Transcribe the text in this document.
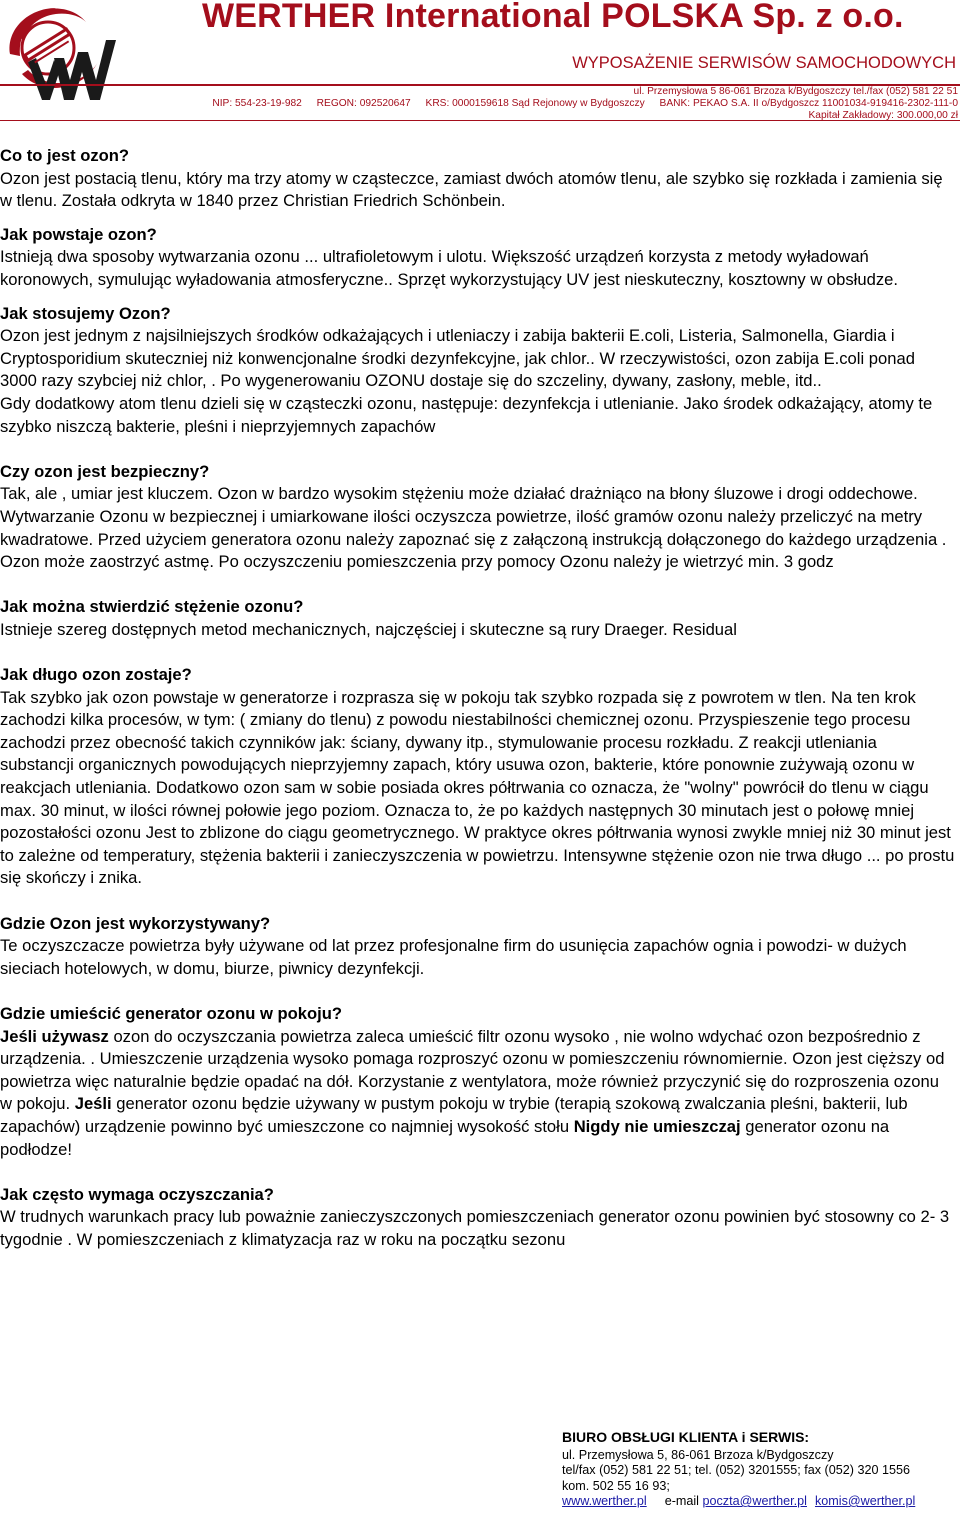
WERTHER International POLSKA Sp. z o.o.
WYPOSAŻENIE SERWISÓW SAMOCHODOWYCH
ul. Przemysłowa 5 86-061 Brzoza k/Bydgoszczy tel./fax (052) 581 22 51
NIP: 554-23-19-982 REGON: 092520647 KRS: 0000159618 Sąd Rejonowy w Bydgoszczy BANK: PEKAO S.A. II o/Bydgoszcz 11001034-919416-2302-111-0
Kapitał Zakładowy: 300.000,00 zł

Co to jest ozon?

Ozon jest postacią tlenu, który ma trzy atomy w cząsteczce, zamiast dwóch atomów tlenu, ale szybko się rozkłada i zamienia się w tlenu. Została odkryta w 1840 przez Christian Friedrich Schönbein.

Jak powstaje ozon?

Istnieją dwa sposoby wytwarzania ozonu ... ultrafioletowym i ulotu. Większość urządzeń korzysta z metody wyładowań koronowych, symulując wyładowania atmosferyczne.. Sprzęt wykorzystujący UV jest nieskuteczny, kosztowny w obsłudze.

Jak stosujemy Ozon?

Ozon jest jednym z najsilniejszych środków odkażających i utleniaczy i zabija bakterii E.coli, Listeria, Salmonella, Giardia i Cryptosporidium skuteczniej niż konwencjonalne środki dezynfekcyjne, jak chlor.. W rzeczywistości, ozon zabija E.coli ponad 3000 razy szybciej niż chlor, . Po wygenerowaniu OZONU dostaje się do szczeliny, dywany, zasłony, meble, itd..

Gdy dodatkowy atom tlenu dzieli się w cząsteczki ozonu, następuje: dezynfekcja i utlenianie. Jako środek odkażający, atomy te szybko niszczą bakterie, pleśni i nieprzyjemnych zapachów

Czy ozon jest bezpieczny?

Tak, ale , umiar jest kluczem. Ozon w bardzo wysokim stężeniu może działać drażniąco na błony śluzowe i drogi oddechowe. Wytwarzanie Ozonu w bezpiecznej i umiarkowane ilości oczyszcza powietrze, ilość gramów ozonu należy przeliczyć na metry kwadratowe. Przed użyciem generatora ozonu należy zapoznać się z załączoną instrukcją dołączonego do każdego urządzenia . Ozon może zaostrzyć astmę. Po oczyszczeniu pomieszczenia przy pomocy Ozonu należy je wietrzyć min. 3 godz

Jak można stwierdzić stężenie ozonu?

Istnieje szereg dostępnych metod mechanicznych, najczęściej i skuteczne są rury Draeger. Residual

Jak długo ozon zostaje?

Tak szybko jak ozon powstaje w generatorze i rozprasza się w pokoju tak szybko rozpada się z powrotem w tlen. Na ten krok zachodzi kilka procesów, w tym: ( zmiany do tlenu) z powodu niestabilności chemicznej ozonu. Przyspieszenie tego procesu zachodzi przez obecność takich czynników jak: ściany, dywany itp., stymulowanie procesu rozkładu. Z reakcji utleniania substancji organicznych powodujących nieprzyjemny zapach, który usuwa ozon, bakterie, które ponownie zużywają ozonu w reakcjach utleniania. Dodatkowo ozon sam w sobie posiada okres półtrwania co oznacza, że "wolny" powrócił do tlenu w ciągu max. 30 minut, w ilości równej połowie jego poziom. Oznacza to, że po każdych następnych 30 minutach jest o połowę mniej pozostałości ozonu Jest to zblizone do ciągu geometrycznego. W praktyce okres półtrwania wynosi zwykle mniej niż 30 minut jest to zależne od temperatury, stężenia bakterii i zanieczyszczenia w powietrzu. Intensywne stężenie ozon nie trwa długo ... po prostu się skończy i znika.

Gdzie Ozon jest wykorzystywany?

Te oczyszczacze powietrza były używane od lat przez profesjonalne firm do usunięcia zapachów ognia i powodzi- w dużych sieciach hotelowych, w domu, biurze, piwnicy dezynfekcji.

Gdzie umieścić generator ozonu w pokoju?

Jeśli używasz ozon do oczyszczania powietrza zaleca umieścić filtr ozonu wysoko , nie wolno wdychać ozon bezpośrednio z urządzenia. . Umieszczenie urządzenia wysoko pomaga rozproszyć ozonu w pomieszczeniu równomiernie. Ozon jest cięższy od powietrza więc naturalnie będzie opadać na dół. Korzystanie z wentylatora, może również przyczynić się do rozproszenia ozonu w pokoju. Jeśli generator ozonu będzie używany w pustym pokoju w trybie (terapią szokową zwalczania pleśni, bakterii, lub zapachów) urządzenie powinno być umieszczone co najmniej wysokość stołu Nigdy nie umieszczaj generator ozonu na podłodze!

Jak często wymaga oczyszczania?

W trudnych warunkach pracy lub poważnie zanieczyszczonych pomieszczeniach generator ozonu powinien być stosowny co 2- 3 tygodnie . W pomieszczeniach z klimatyzacja raz w roku na początku sezonu

BIURO OBSŁUGI KLIENTA i SERWIS:
ul. Przemysłowa 5, 86-061 Brzoza k/Bydgoszczy
tel/fax (052) 581 22 51; tel. (052) 3201555; fax (052) 320 1556
kom. 502 55 16 93;
www.werther.pl e-mail poczta@werther.pl komis@werther.pl
